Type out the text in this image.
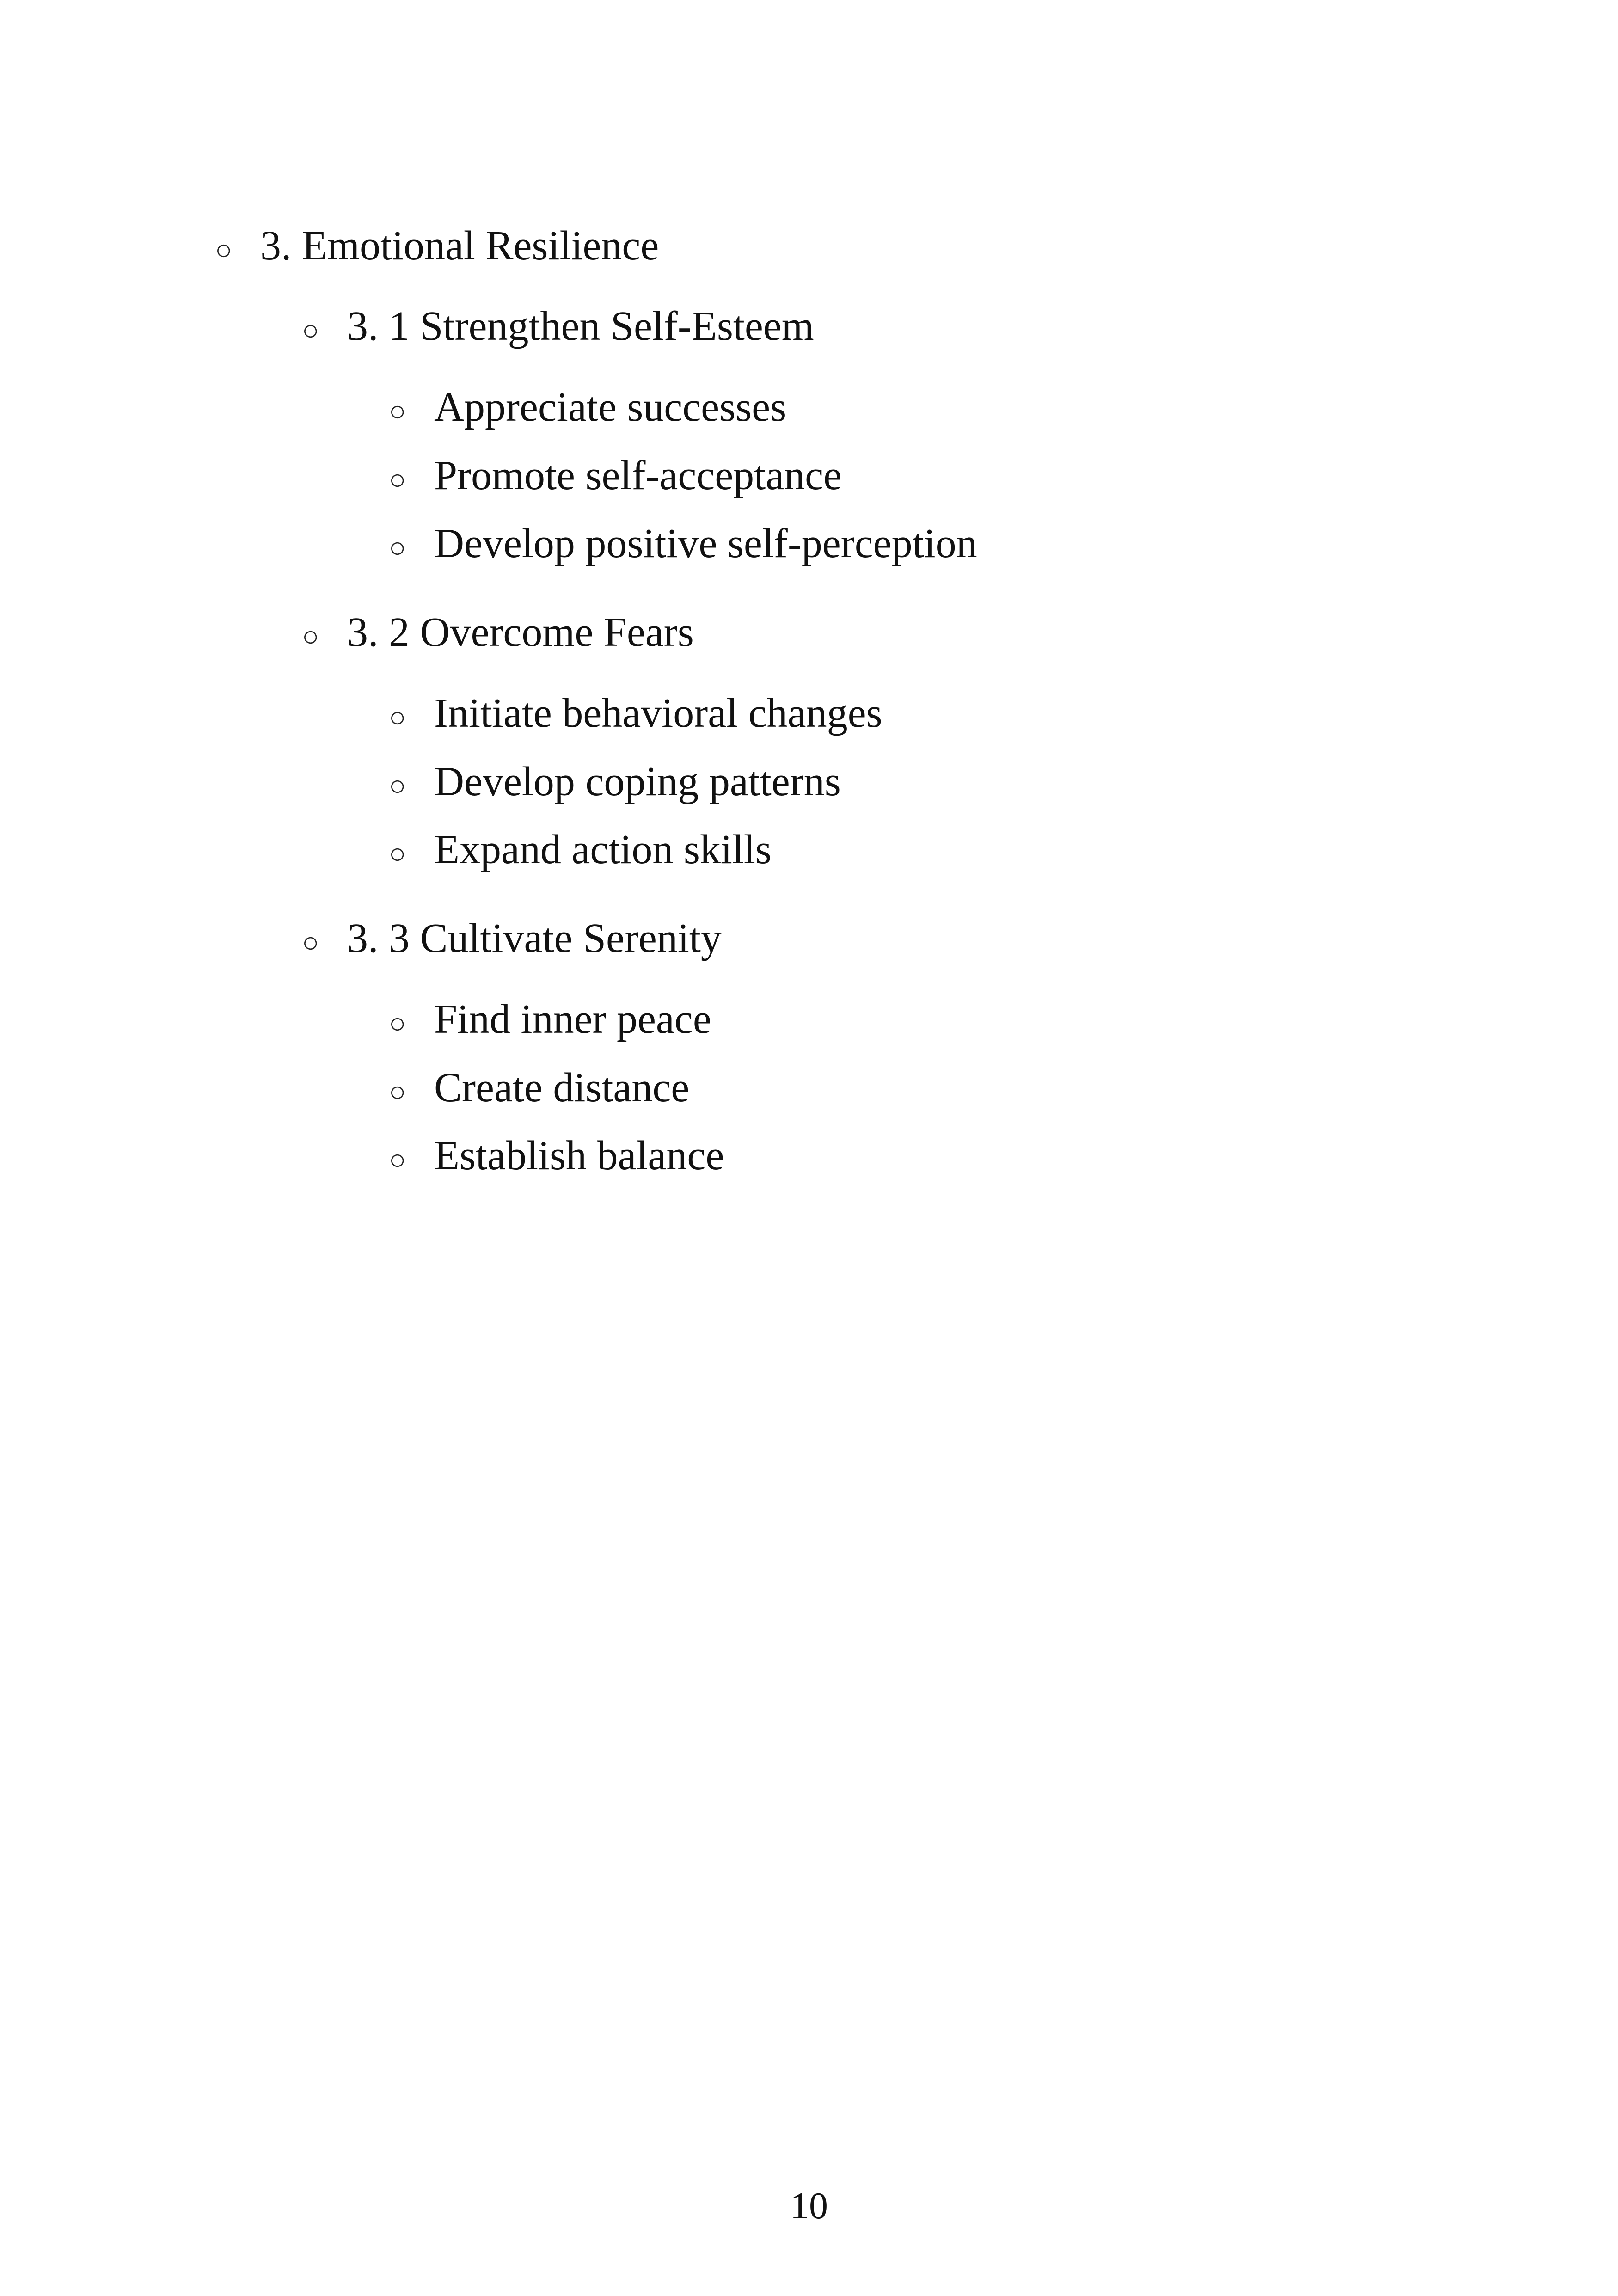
○ 3. Emotional Resilience
○ 3. 1 Strengthen Self-Esteem
○ Appreciate successes
○ Promote self-acceptance
○ Develop positive self-perception
○ 3. 2 Overcome Fears
○ Initiate behavioral changes
○ Develop coping patterns
○ Expand action skills
○ 3. 3 Cultivate Serenity
○ Find inner peace
○ Create distance
○ Establish balance
10
